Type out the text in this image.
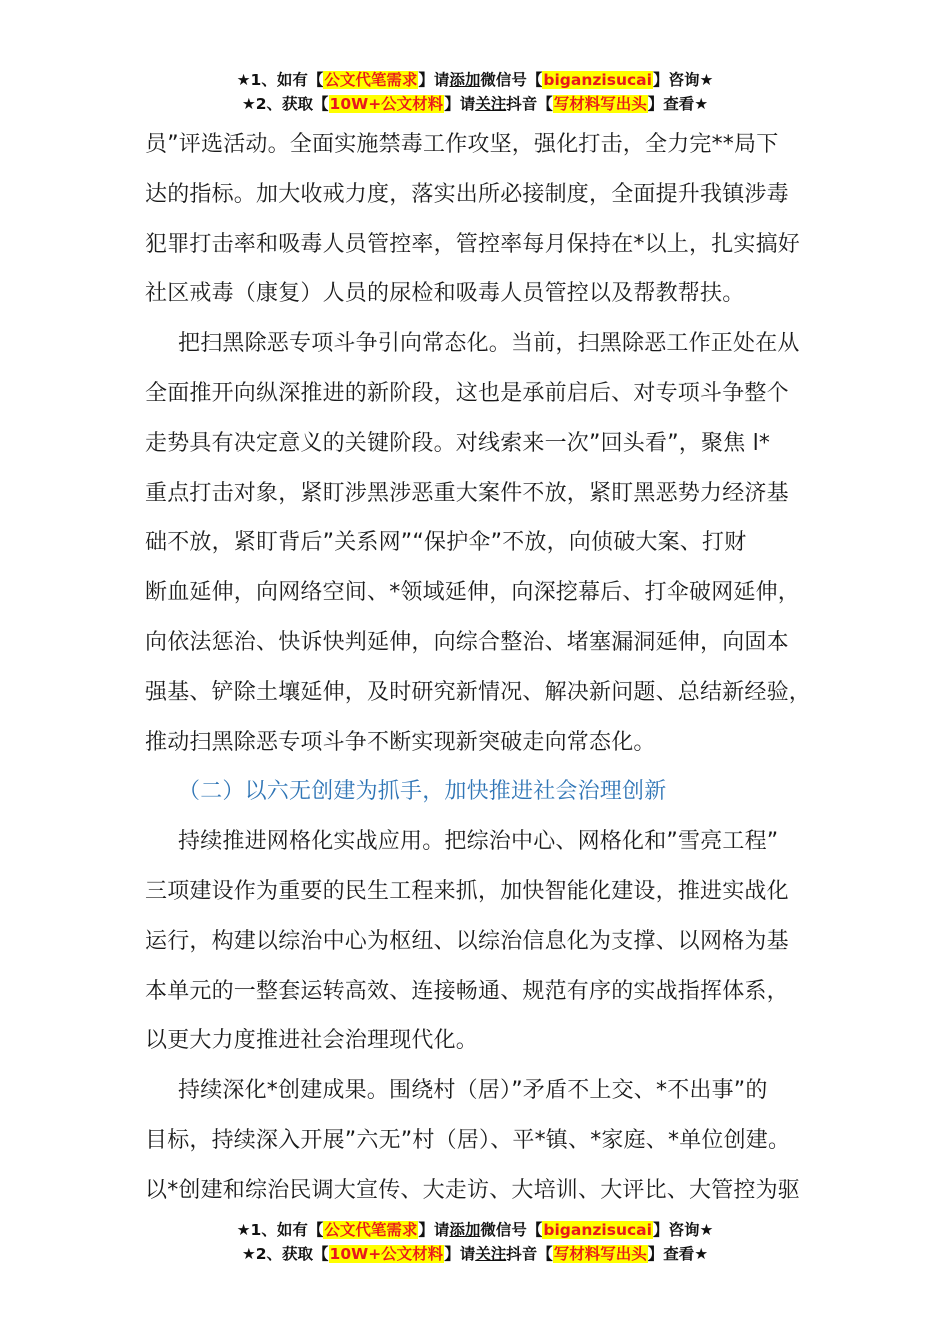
★1、如有【公文代笔需求】请添加微信号【biganzisucai】咨询★
★2、获取【10W+公文材料】请关注抖音【写材料写出头】查看★
员”评选活动。全面实施禁毒工作攻坚，强化打击，全力完**局下
达的指标。加大收戒力度，落实出所必接制度，全面提升我镇涉毒
犯罪打击率和吸毒人员管控率，管控率每月保持在*以上，扎实搞好
社区戒毒（康复）人员的尿检和吸毒人员管控以及帮教帮扶。
把扫黑除恶专项斗争引向常态化。当前，扫黑除恶工作正处在从
全面推开向纵深推进的新阶段，这也是承前启后、对专项斗争整个
走势具有决定意义的关键阶段。对线索来一次”回头看”，聚焦 l*
重点打击对象，紧盯涉黑涉恶重大案件不放，紧盯黑恶势力经济基
础不放，紧盯背后”关系网”“保护伞”不放，向侦破大案、打财
断血延伸，向网络空间、*领域延伸，向深挖幕后、打伞破网延伸，
向依法惩治、快诉快判延伸，向综合整治、堵塞漏洞延伸，向固本
强基、铲除土壤延伸，及时研究新情况、解决新问题、总结新经验，
推动扫黑除恶专项斗争不断实现新突破走向常态化。
（二）以六无创建为抓手，加快推进社会治理创新
持续推进网格化实战应用。把综治中心、网格化和”雪亮工程”
三项建设作为重要的民生工程来抓，加快智能化建设，推进实战化
运行，构建以综治中心为枢纽、以综治信息化为支撑、以网格为基
本单元的一整套运转高效、连接畅通、规范有序的实战指挥体系，
以更大力度推进社会治理现代化。
持续深化*创建成果。围绕村（居）”矛盾不上交、*不出事”的
目标，持续深入开展”六无”村（居）、平*镇、*家庭、*单位创建。
以*创建和综治民调大宣传、大走访、大培训、大评比、大管控为驱
★1、如有【公文代笔需求】请添加微信号【biganzisucai】咨询★
★2、获取【10W+公文材料】请关注抖音【写材料写出头】查看★
